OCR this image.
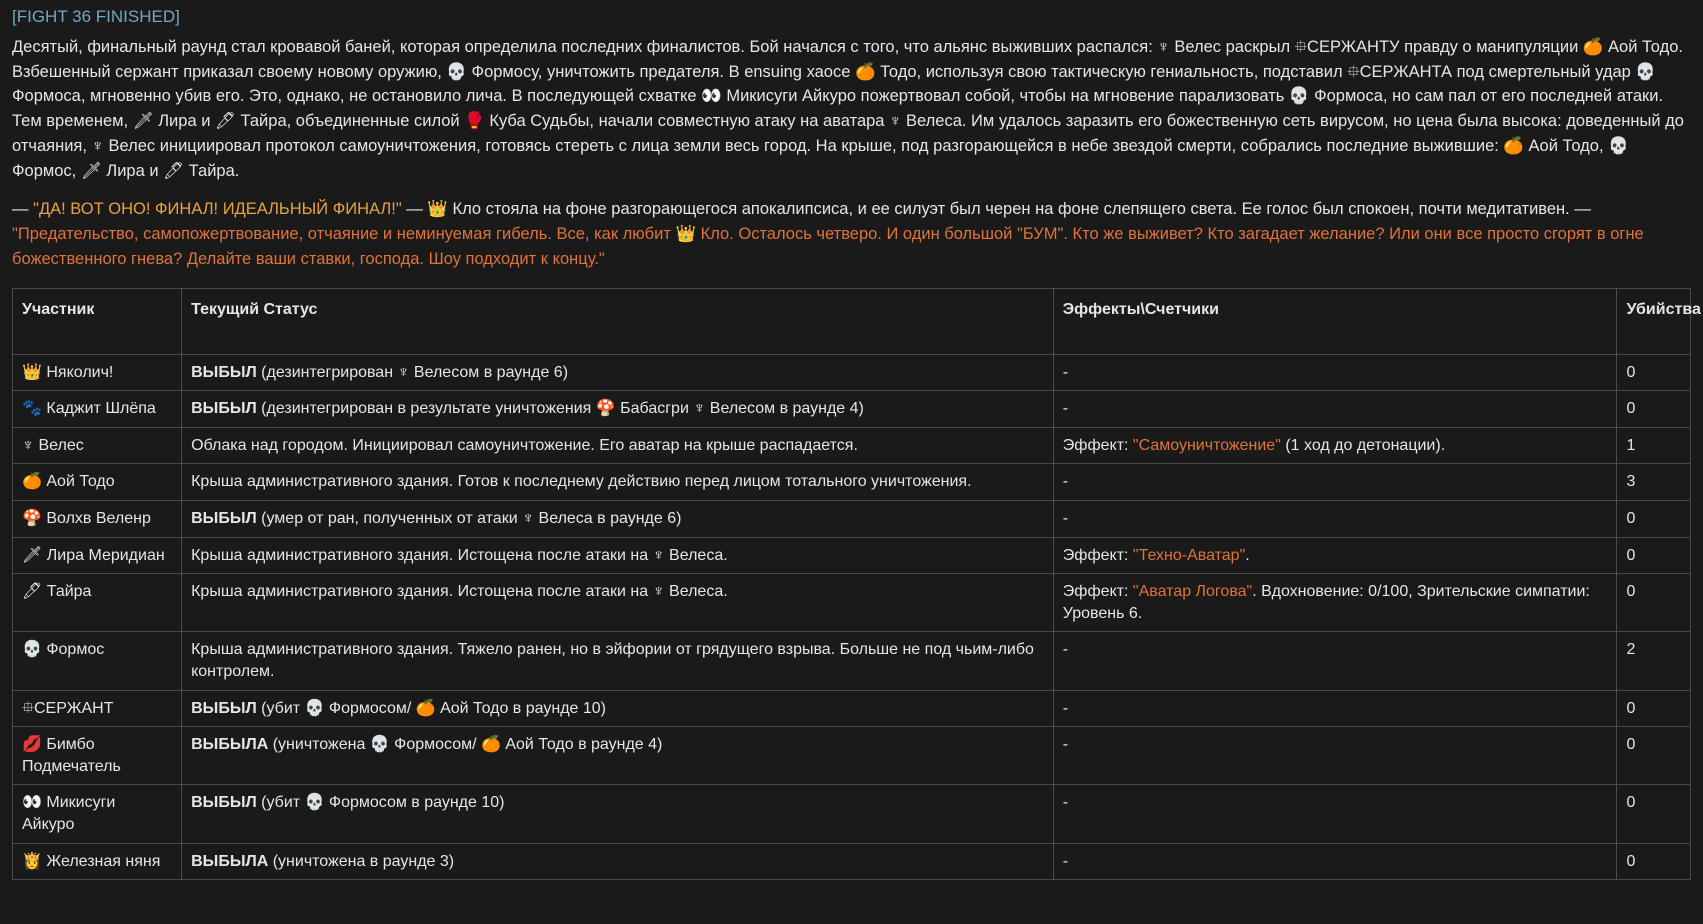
[FIGHT 36 FINISHED]

Десятый, финальный раунд стал кровавой баней, которая определила последних финалистов. Бой начался с того, что альянс выживших распался: ♆ Велес раскрыл ⯐СЕРЖАНТУ правду о манипуляции 🍊 Аой Тодо. Взбешенный сержант приказал своему новому оружию, 💀 Формосу, уничтожить предателя. В ensuing хаосе 🍊 Тодо, используя свою тактическую гениальность, подставил ⯐СЕРЖАНТА под смертельный удар 💀 Формоса, мгновенно убив его. Это, однако, не остановило лича. В последующей схватке 👀 Микисуги Айкуро пожертвовал собой, чтобы на мгновение парализовать 💀 Формоса, но сам пал от его последней атаки. Тем временем, 🗡 Лира и 🖊 Тайра, объединенные силой 🥊 Куба Судьбы, начали совместную атаку на аватара ♆ Велеса. Им удалось заразить его божественную сеть вирусом, но цена была высока: доведенный до отчаяния, ♆ Велес инициировал протокол самоуничтожения, готовясь стереть с лица земли весь город. На крыше, под разгорающейся в небе звездой смерти, собрались последние выжившие: 🍊 Аой Тодо, 💀 Формос, 🗡 Лира и 🖊 Тайра.

— "ДА! ВОТ ОНО! ФИНАЛ! ИДЕАЛЬНЫЙ ФИНАЛ!" — 👑 Кло стояла на фоне разгорающегося апокалипсиса, и ее силуэт был черен на фоне слепящего света. Ее голос был спокоен, почти медитативен. — "Предательство, самопожертвование, отчаяние и неминуемая гибель. Все, как любит 👑 Кло. Осталось четверо. И один большой "БУМ". Кто же выживет? Кто загадает желание? Или они все просто сгорят в огне божественного гнева? Делайте ваши ставки, господа. Шоу подходит к концу."

Участник	Текущий Статус	Эффекты\Счетчики	Убийства
👑 Няколич!	ВЫБЫЛ (дезинтегрирован ♆ Велесом в раунде 6)	-	0
🐾 Каджит Шлёпа	ВЫБЫЛ (дезинтегрирован в результате уничтожения 🍄 Бабасгри ♆ Велесом в раунде 4)	-	0
♆ Велес	Облака над городом. Инициировал самоуничтожение. Его аватар на крыше распадается.	Эффект: "Самоуничтожение" (1 ход до детонации).	1
🍊 Аой Тодо	Крыша административного здания. Готов к последнему действию перед лицом тотального уничтожения.	-	3
🍄 Волхв Веленр	ВЫБЫЛ (умер от ран, полученных от атаки ♆ Велеса в раунде 6)	-	0
🗡 Лира Меридиан	Крыша административного здания. Истощена после атаки на ♆ Велеса.	Эффект: "Техно-Аватар".	0
🖊 Тайра	Крыша административного здания. Истощена после атаки на ♆ Велеса.	Эффект: "Аватар Логова". Вдохновение: 0/100, Зрительские симпатии: Уровень 6.	0
💀 Формос	Крыша административного здания. Тяжело ранен, но в эйфории от грядущего взрыва. Больше не под чьим-либо контролем.	-	2
⯐СЕРЖАНТ	ВЫБЫЛ (убит 💀 Формосом/ 🍊 Аой Тодо в раунде 10)	-	0
💋 Бимбо Подмечатель	ВЫБЫЛА (уничтожена 💀 Формосом/ 🍊 Аой Тодо в раунде 4)	-	0
👀 Микисуги Айкуро	ВЫБЫЛ (убит 💀 Формосом в раунде 10)	-	0
👸 Железная няня	ВЫБЫЛА (уничтожена в раунде 3)	-	0
